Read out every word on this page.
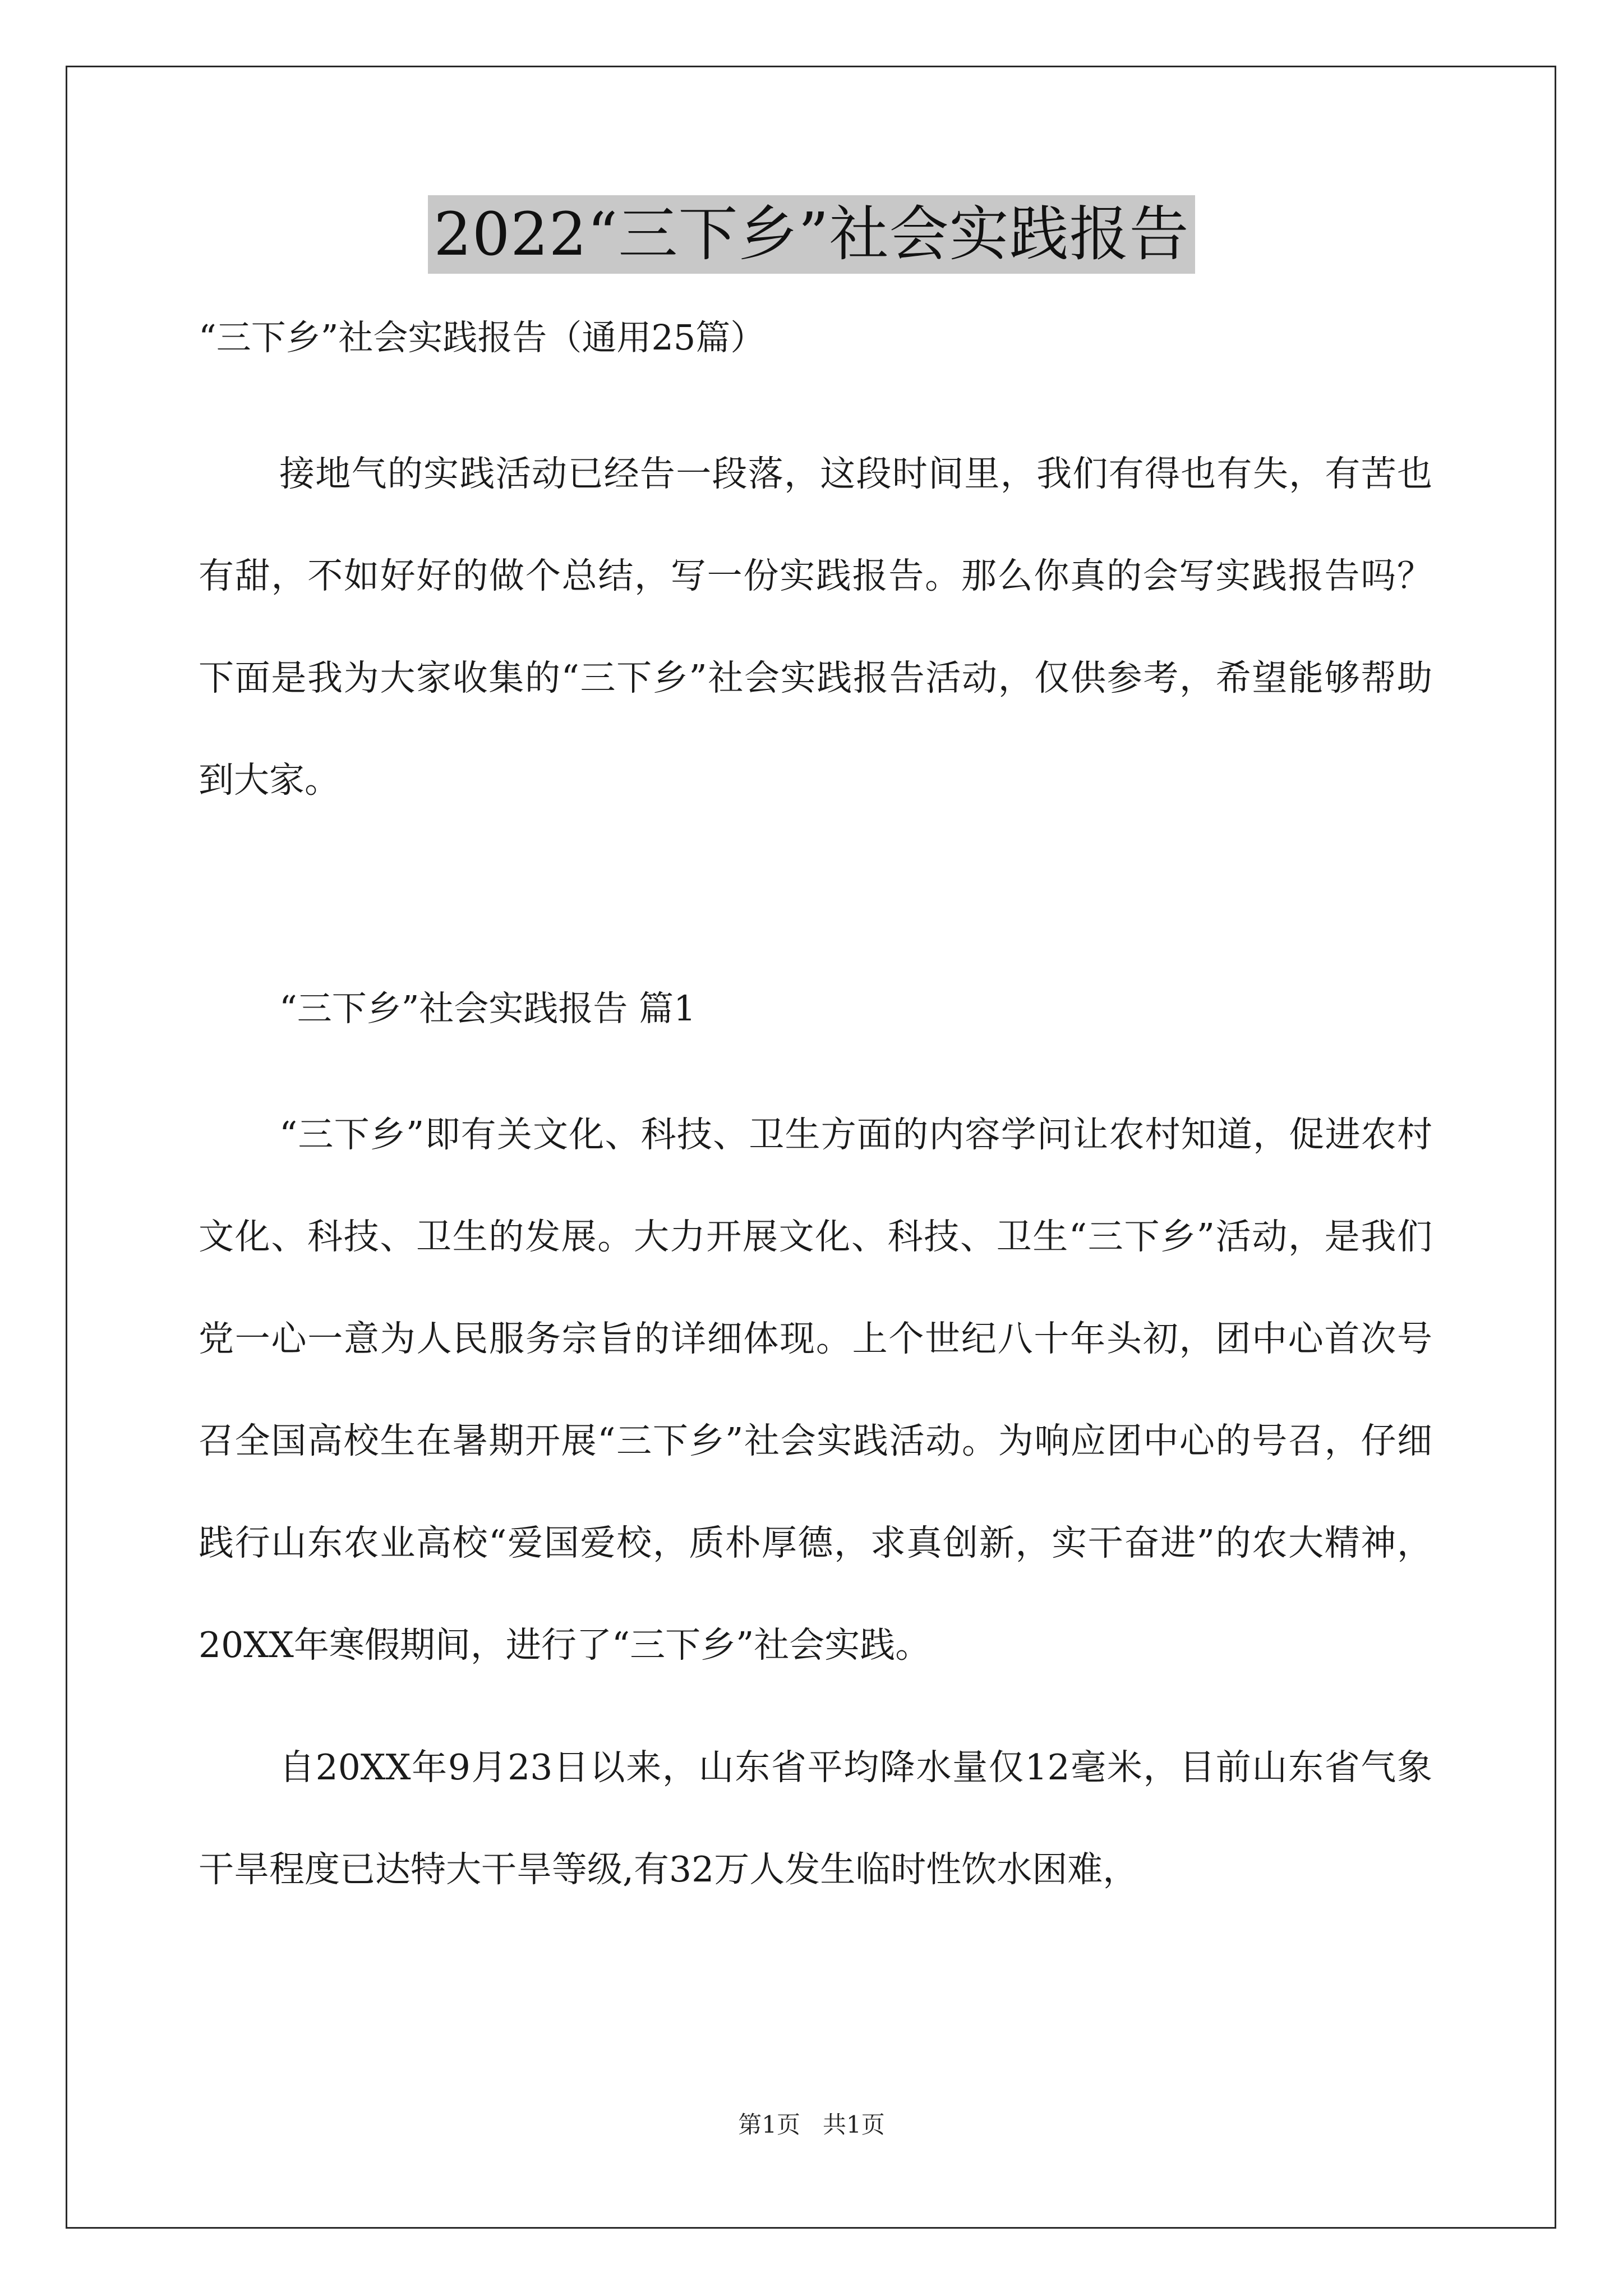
2022“三下乡”社会实践报告

“三下乡”社会实践报告（通用25篇）

接地气的实践活动已经告一段落，这段时间里，我们有得也有失，有苦也有甜，不如好好的做个总结，写一份实践报告。那么你真的会写实践报告吗？下面是我为大家收集的“三下乡”社会实践报告活动，仅供参考，希望能够帮助到大家。

“三下乡”社会实践报告 篇1

“三下乡”即有关文化、科技、卫生方面的内容学问让农村知道，促进农村文化、科技、卫生的发展。大力开展文化、科技、卫生“三下乡”活动，是我们党一心一意为人民服务宗旨的详细体现。上个世纪八十年头初，团中心首次号召全国高校生在暑期开展“三下乡”社会实践活动。为响应团中心的号召，仔细践行山东农业高校“爱国爱校，质朴厚德，求真创新，实干奋进”的农大精神，20XX年寒假期间，进行了“三下乡”社会实践。

自20XX年9月23日以来，山东省平均降水量仅12毫米，目前山东省气象干旱程度已达特大干旱等级,有32万人发生临时性饮水困难，

第1页   共1页
